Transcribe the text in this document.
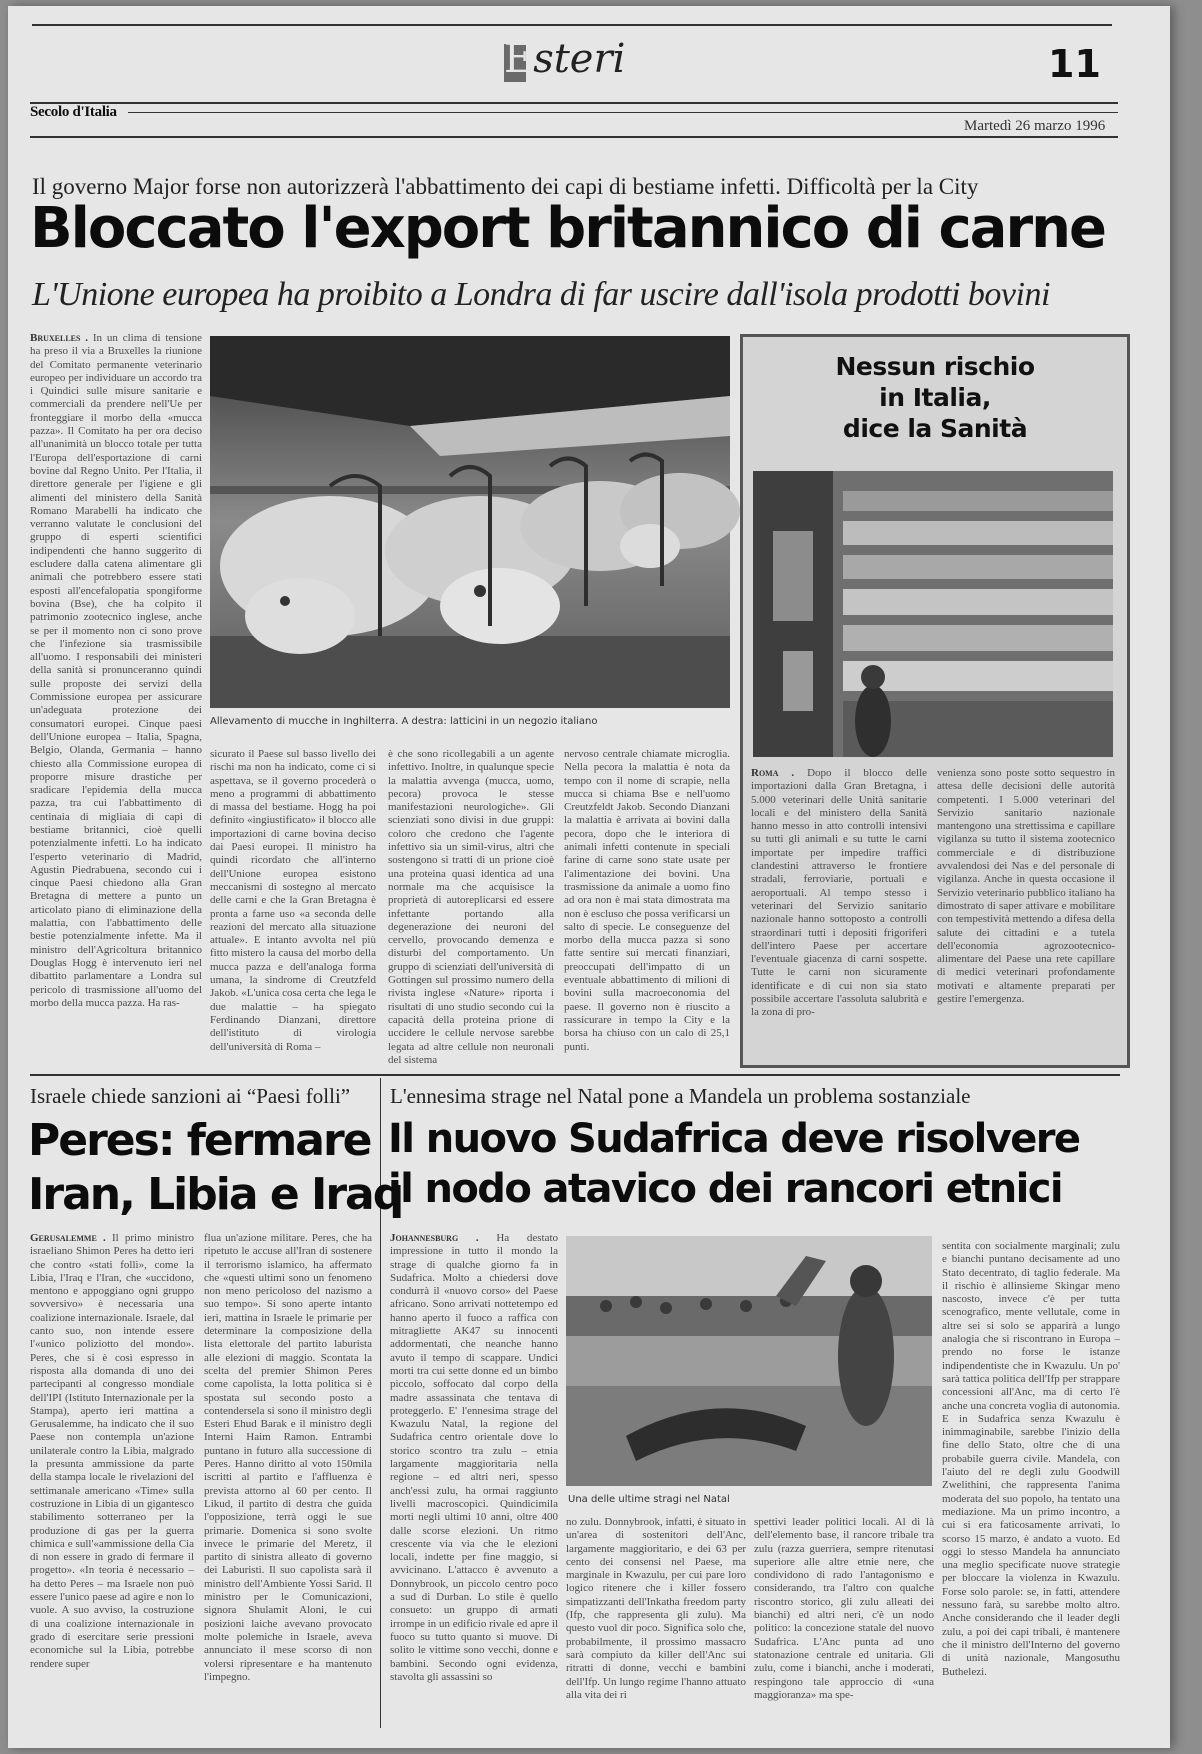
Esteri	11
Secolo d'Italia
Martedì 26 marzo 1996
Il governo Major forse non autorizzerà l'abbattimento dei capi di bestiame infetti. Difficoltà per la City
Bloccato l'export britannico di carne
L'Unione europea ha proibito a Londra di far uscire dall'isola prodotti bovini
Bruxelles . In un clima di tensione ha preso il via a Bruxelles la riunione del Comitato permanente veterinario europeo per individuare un accordo tra i Quindici sulle misure sanitarie e commerciali da prendere nell'Ue per fronteggiare il morbo della «mucca pazza». Il Comitato ha per ora deciso all'unanimità un blocco totale per tutta l'Europa dell'esportazione di carni bovine dal Regno Unito. Per l'Italia, il direttore generale per l'igiene e gli alimenti del ministero della Sanità Romano Marabelli ha indicato che verranno valutate le conclusioni del gruppo di esperti scientifici indipendenti che hanno suggerito di escludere dalla catena alimentare gli animali che potrebbero essere stati esposti all'encefalopatia spongiforme bovina (Bse), che ha colpito il patrimonio zootecnico inglese, anche se per il momento non ci sono prove che l'infezione sia trasmissibile all'uomo. I responsabili dei ministeri della sanità si pronunceranno quindi sulle proposte dei servizi della Commissione europea per assicurare un'adeguata protezione dei consumatori europei. Cinque paesi dell'Unione europea – Italia, Spagna, Belgio, Olanda, Germania – hanno chiesto alla Commissione europea di proporre misure drastiche per sradicare l'epidemia della mucca pazza, tra cui l'abbattimento di centinaia di migliaia di capi di bestiame britannici, cioè quelli potenzialmente infetti. Lo ha indicato l'esperto veterinario di Madrid, Agustin Piedrabuena, secondo cui i cinque Paesi chiedono alla Gran Bretagna di mettere a punto un articolato piano di eliminazione della malattia, con l'abbattimento delle bestie potenzialmente infette. Ma il ministro dell'Agricoltura britannico Douglas Hogg è intervenuto ieri nel dibattito parlamentare a Londra sul pericolo di trasmissione all'uomo del morbo della mucca pazza. Ha ras-
Allevamento di mucche in Inghilterra. A destra: latticini in un negozio italiano
Nessun rischio
in Italia,
dice la Sanità
Roma . Dopo il blocco delle importazioni dalla Gran Bretagna, i 5.000 veterinari delle Unità sanitarie locali e del ministero della Sanità hanno messo in atto controlli intensivi su tutti gli animali e su tutte le carni importate per impedire traffici clandestini attraverso le frontiere stradali, ferroviarie, portuali e aeroportuali. Al tempo stesso i veterinari del Servizio sanitario nazionale hanno sottoposto a controlli straordinari tutti i depositi frigoriferi dell'intero Paese per accertare l'eventuale giacenza di carni sospette. Tutte le carni non sicuramente identificate e di cui non sia stato possibile accertare l'assoluta salubrità e la zona di pro-
venienza sono poste sotto sequestro in attesa delle decisioni delle autorità competenti. I 5.000 veterinari del Servizio sanitario nazionale mantengono una strettissima e capillare vigilanza su tutto il sistema zootecnico commerciale e di distribuzione avvalendosi dei Nas e del personale di vigilanza. Anche in questa occasione il Servizio veterinario pubblico italiano ha dimostrato di saper attivare e mobilitare con tempestività mettendo a difesa della salute dei cittadini e a tutela dell'economia agrozootecnico-alimentare del Paese una rete capillare di medici veterinari profondamente motivati e altamente preparati per gestire l'emergenza.
sicurato il Paese sul basso livello dei rischi ma non ha indicato, come ci si aspettava, se il governo procederà o meno a programmi di abbattimento di massa del bestiame. Hogg ha poi definito «ingiustificato» il blocco alle importazioni di carne bovina deciso dai Paesi europei. Il ministro ha quindi ricordato che all'interno dell'Unione europea esistono meccanismi di sostegno al mercato delle carni e che la Gran Bretagna è pronta a farne uso «a seconda delle reazioni del mercato alla situazione attuale». E intanto avvolta nel più fitto mistero la causa del morbo della mucca pazza e dell'analoga forma umana, la sindrome di Creutzfeld Jakob. «L'unica cosa certa che lega le due malattie – ha spiegato Ferdinando Dianzani, direttore dell'istituto di virologia dell'università di Roma –
è che sono ricollegabili a un agente infettivo. Inoltre, in qualunque specie la malattia avvenga (mucca, uomo, pecora) provoca le stesse manifestazioni neurologiche». Gli scienziati sono divisi in due gruppi: coloro che credono che l'agente infettivo sia un simil-virus, altri che sostengono si tratti di un prione cioè una proteina quasi identica ad una normale ma che acquisisce la proprietà di autoreplicarsi ed essere infettante portando alla degenerazione dei neuroni del cervello, provocando demenza e disturbi del comportamento. Un gruppo di scienziati dell'università di Gottingen sul prossimo numero della rivista inglese «Nature» riporta i risultati di uno studio secondo cui la capacità della proteina prione di uccidere le cellule nervose sarebbe legata ad altre cellule non neuronali del sistema
nervoso centrale chiamate microglia. Nella pecora la malattia è nota da tempo con il nome di scrapie, nella mucca si chiama Bse e nell'uomo Creutzfeldt Jakob. Secondo Dianzani la malattia è arrivata ai bovini dalla pecora, dopo che le interiora di animali infetti contenute in speciali farine di carne sono state usate per l'alimentazione dei bovini. Una trasmissione da animale a uomo fino ad ora non è mai stata dimostrata ma non è escluso che possa verificarsi un salto di specie. Le conseguenze del morbo della mucca pazza si sono fatte sentire sui mercati finanziari, preoccupati dell'impatto di un eventuale abbattimento di milioni di bovini sulla macroeconomia del paese. Il governo non è riuscito a rassicurare in tempo la City e la borsa ha chiuso con un calo di 25,1 punti.
Israele chiede sanzioni ai “Paesi folli”
Peres: fermare
Iran, Libia e Iraq
Gerusalemme . Il primo ministro israeliano Shimon Peres ha detto ieri che contro «stati folli», come la Libia, l'Iraq e l'Iran, che «uccidono, mentono e appoggiano ogni gruppo sovversivo» è necessaria una coalizione internazionale. Israele, dal canto suo, non intende essere l'«unico poliziotto del mondo». Peres, che si è così espresso in risposta alla domanda di uno dei partecipanti al congresso mondiale dell'IPI (Istituto Internazionale per la Stampa), aperto ieri mattina a Gerusalemme, ha indicato che il suo Paese non contempla un'azione unilaterale contro la Libia, malgrado la presunta ammissione da parte della stampa locale le rivelazioni del settimanale americano «Time» sulla costruzione in Libia di un gigantesco stabilimento sotterraneo per la produzione di gas per la guerra chimica e sull'«ammissione della Cia di non essere in grado di fermare il progetto». «In teoria è necessario – ha detto Peres – ma Israele non può essere l'unico paese ad agire e non lo vuole. A suo avviso, la costruzione di una coalizione internazionale in grado di esercitare serie pressioni economiche sul la Libia, potrebbe rendere super
flua un'azione militare. Peres, che ha ripetuto le accuse all'Iran di sostenere il terrorismo islamico, ha affermato che «questi ultimi sono un fenomeno non meno pericoloso del nazismo a suo tempo». Si sono aperte intanto ieri, mattina in Israele le primarie per determinare la composizione della lista elettorale del partito laburista alle elezioni di maggio. Scontata la scelta del premier Shimon Peres come capolista, la lotta politica si è spostata sul secondo posto a contendersela si sono il ministro degli Esteri Ehud Barak e il ministro degli Interni Haim Ramon. Entrambi puntano in futuro alla successione di Peres. Hanno diritto al voto 150mila iscritti al partito e l'affluenza è prevista attorno al 60 per cento. Il Likud, il partito di destra che guida l'opposizione, terrà oggi le sue primarie. Domenica si sono svolte invece le primarie del Meretz, il partito di sinistra alleato di governo dei Laburisti. Il suo capolista sarà il ministro dell'Ambiente Yossi Sarid. Il ministro per le Comunicazioni, signora Shulamit Aloni, le cui posizioni laiche avevano provocato molte polemiche in Israele, aveva annunciato il mese scorso di non volersi ripresentare e ha mantenuto l'impegno.
L'ennesima strage nel Natal pone a Mandela un problema sostanziale
Il nuovo Sudafrica deve risolvere
il nodo atavico dei rancori etnici
Johannesburg . Ha destato impressione in tutto il mondo la strage di qualche giorno fa in Sudafrica. Molto a chiedersi dove condurrà il «nuovo corso» del Paese africano. Sono arrivati nottetempo ed hanno aperto il fuoco a raffica con mitragliette AK47 su innocenti addormentati, che neanche hanno avuto il tempo di scappare. Undici morti tra cui sette donne ed un bimbo piccolo, soffocato dal corpo della madre assassinata che tentava di proteggerlo. E' l'ennesima strage del Kwazulu Natal, la regione del Sudafrica centro orientale dove lo storico scontro tra zulu – etnia largamente maggioritaria nella regione – ed altri neri, spesso anch'essi zulu, ha ormai raggiunto livelli macroscopici. Quindicimila morti negli ultimi 10 anni, oltre 400 dalle scorse elezioni. Un ritmo crescente via via che le elezioni locali, indette per fine maggio, si avvicinano. L'attacco è avvenuto a Donnybrook, un piccolo centro poco a sud di Durban. Lo stile è quello consueto: un gruppo di armati irrompe in un edificio rivale ed apre il fuoco su tutto quanto si muove. Di solito le vittime sono vecchi, donne e bambini. Secondo ogni evidenza, stavolta gli assassini so
Una delle ultime stragi nel Natal
no zulu. Donnybrook, infatti, è situato in un'area di sostenitori dell'Anc, largamente maggioritario, e dei 63 per cento dei consensi nel Paese, ma marginale in Kwazulu, per cui pare loro logico ritenere che i killer fossero simpatizzanti dell'Inkatha freedom party (Ifp, che rappresenta gli zulu). Ma questo vuol dir poco. Significa solo che, probabilmente, il prossimo massacro sarà compiuto da killer dell'Anc sui ritratti di donne, vecchi e bambini dell'Ifp. Un lungo regime l'hanno attuato alla vita dei ri
spettivi leader politici locali. Al di là dell'elemento base, il rancore tribale tra zulu (razza guerriera, sempre ritenutasi superiore alle altre etnie nere, che condividono di rado l'antagonismo e considerando, tra l'altro con qualche riscontro storico, gli zulu alleati dei bianchi) ed altri neri, c'è un nodo politico: la concezione statale del nuovo Sudafrica. L'Anc punta ad uno statonazione centrale ed unitaria. Gli zulu, come i bianchi, anche i moderati, respingono tale approccio di «una maggioranza» ma spe-
sentita con socialmente marginali; zulu e bianchi puntano decisamente ad uno Stato decentrato, di taglio federale. Ma il rischio è allinsieme Skingar meno nascosto, invece c'è per tutta scenografico, mente vellutale, come in altre sei si solo se apparirà a lungo analogia che si riscontrano in Europa – prendo no forse le istanze indipendentiste che in Kwazulu. Un po' sarà tattica politica dell'Ifp per strappare concessioni all'Anc, ma di certo l'è anche una concreta voglia di autonomia. E in Sudafrica senza Kwazulu è inimmaginabile, sarebbe l'inizio della fine dello Stato, oltre che di una probabile guerra civile. Mandela, con l'aiuto del re degli zulu Goodwill Zwelithini, che rappresenta l'anima moderata del suo popolo, ha tentato una mediazione. Ma un primo incontro, a cui si era faticosamente arrivati, lo scorso 15 marzo, è andato a vuoto. Ed oggi lo stesso Mandela ha annunciato una meglio specificate nuove strategie per bloccare la violenza in Kwazulu. Forse solo parole: se, in fatti, attendere nessuno farà, su sarebbe molto altro. Anche considerando che il leader degli zulu, a poi dei capi tribali, è mantenere che il ministro dell'Interno del governo di unità nazionale, Mangosuthu Buthelezi.
